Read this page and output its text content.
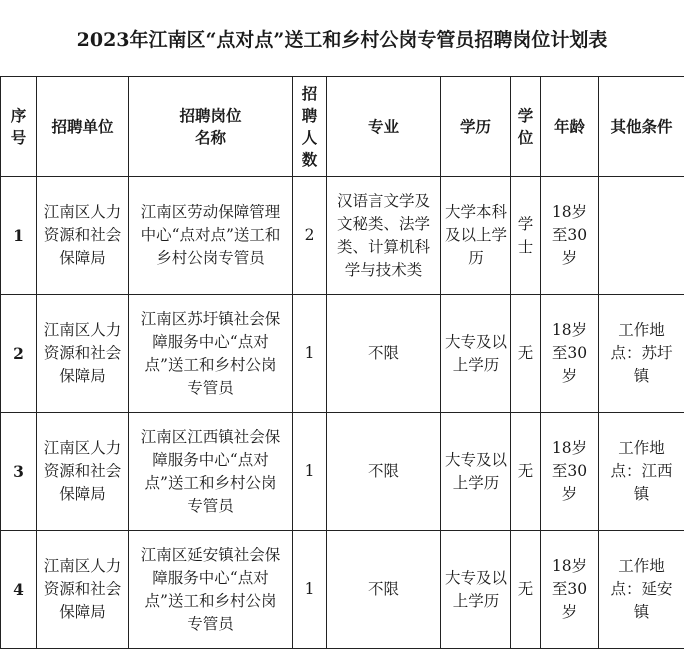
2023年江南区“点对点”送工和乡村公岗专管员招聘岗位计划表
序号	招聘单位	招聘岗位名称	招聘人数	专业	学历	学位	年龄	其他条件
1	江南区人力资源和社会保障局	江南区劳动保障管理中心“点对点”送工和乡村公岗专管员	2	汉语言文学及文秘类、法学类、计算机科学与技术类	大学本科及以上学历	学士	18岁至30岁	

2	江南区人力资源和社会保障局	江南区苏圩镇社会保障服务中心“点对点”送工和乡村公岗专管员	1	不限	大专及以上学历	无	18岁至30岁	工作地点：苏圩镇

3	江南区人力资源和社会保障局	江南区江西镇社会保障服务中心“点对点”送工和乡村公岗专管员	1	不限	大专及以上学历	无	18岁至30岁	工作地点：江西镇

4	江南区人力资源和社会保障局	江南区延安镇社会保障服务中心“点对点”送工和乡村公岗专管员	1	不限	大专及以上学历	无	18岁至30岁	工作地点：延安镇
